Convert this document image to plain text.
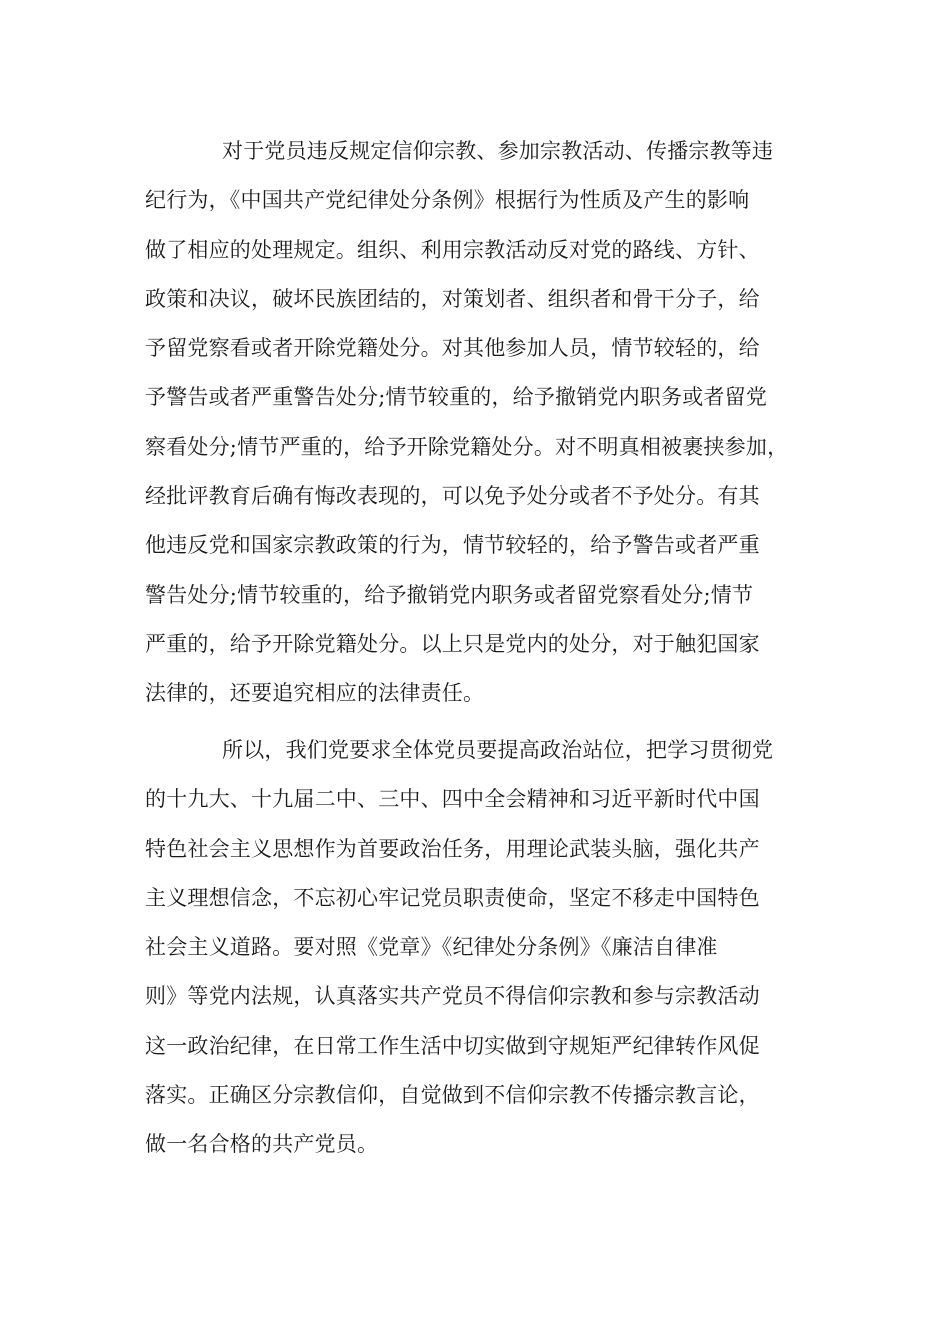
对于党员违反规定信仰宗教、参加宗教活动、传播宗教等违
纪行为，《中国共产党纪律处分条例》根据行为性质及产生的影响
做了相应的处理规定。组织、利用宗教活动反对党的路线、方针、
政策和决议，破坏民族团结的，对策划者、组织者和骨干分子，给
予留党察看或者开除党籍处分。对其他参加人员，情节较轻的，给
予警告或者严重警告处分;情节较重的，给予撤销党内职务或者留党
察看处分;情节严重的，给予开除党籍处分。对不明真相被裹挟参加，
经批评教育后确有悔改表现的，可以免予处分或者不予处分。有其
他违反党和国家宗教政策的行为，情节较轻的，给予警告或者严重
警告处分;情节较重的，给予撤销党内职务或者留党察看处分;情节
严重的，给予开除党籍处分。以上只是党内的处分，对于触犯国家
法律的，还要追究相应的法律责任。

所以，我们党要求全体党员要提高政治站位，把学习贯彻党
的十九大、十九届二中、三中、四中全会精神和习近平新时代中国
特色社会主义思想作为首要政治任务，用理论武装头脑，强化共产
主义理想信念，不忘初心牢记党员职责使命，坚定不移走中国特色
社会主义道路。要对照《党章》《纪律处分条例》《廉洁自律准
则》等党内法规，认真落实共产党员不得信仰宗教和参与宗教活动
这一政治纪律，在日常工作生活中切实做到守规矩严纪律转作风促
落实。正确区分宗教信仰，自觉做到不信仰宗教不传播宗教言论，
做一名合格的共产党员。
